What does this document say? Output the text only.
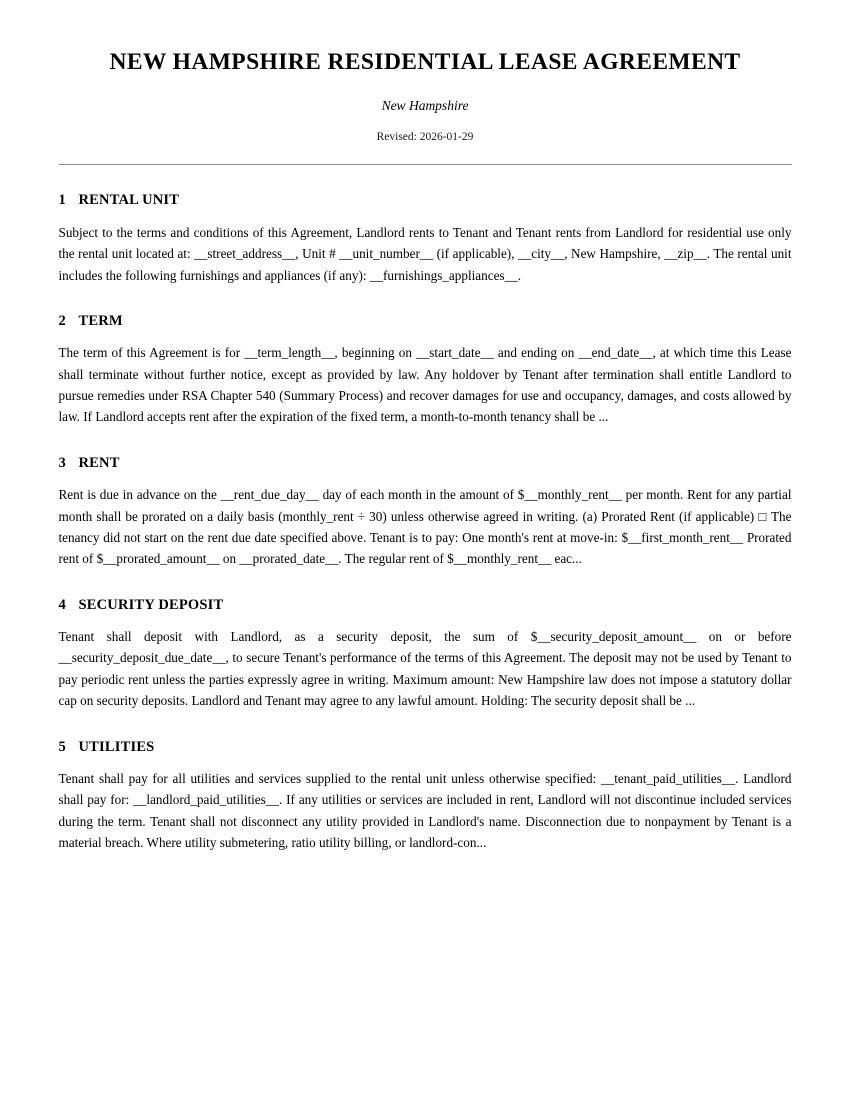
NEW HAMPSHIRE RESIDENTIAL LEASE AGREEMENT
New Hampshire
Revised: 2026-01-29
1 RENTAL UNIT

Subject to the terms and conditions of this Agreement, Landlord rents to Tenant and Tenant rents from Landlord for residential use only the rental unit located at: __street_address__, Unit # __unit_number__ (if applicable), __city__, New Hampshire, __zip__. The rental unit includes the following furnishings and appliances (if any): __furnishings_appliances__.

2 TERM

The term of this Agreement is for __term_length__, beginning on __start_date__ and ending on __end_date__, at which time this Lease shall terminate without further notice, except as provided by law. Any holdover by Tenant after termination shall entitle Landlord to pursue remedies under RSA Chapter 540 (Summary Process) and recover damages for use and occupancy, damages, and costs allowed by law. If Landlord accepts rent after the expiration of the fixed term, a month-to-month tenancy shall be ...

3 RENT

Rent is due in advance on the __rent_due_day__ day of each month in the amount of $__monthly_rent__ per month. Rent for any partial month shall be prorated on a daily basis (monthly_rent ÷ 30) unless otherwise agreed in writing. (a) Prorated Rent (if applicable) □ The tenancy did not start on the rent due date specified above. Tenant is to pay: One month's rent at move-in: $__first_month_rent__ Prorated rent of $__prorated_amount__ on __prorated_date__. The regular rent of $__monthly_rent__ eac...

4 SECURITY DEPOSIT

Tenant shall deposit with Landlord, as a security deposit, the sum of $__security_deposit_amount__ on or before __security_deposit_due_date__, to secure Tenant's performance of the terms of this Agreement. The deposit may not be used by Tenant to pay periodic rent unless the parties expressly agree in writing. Maximum amount: New Hampshire law does not impose a statutory dollar cap on security deposits. Landlord and Tenant may agree to any lawful amount. Holding: The security deposit shall be ...

5 UTILITIES

Tenant shall pay for all utilities and services supplied to the rental unit unless otherwise specified: __tenant_paid_utilities__. Landlord shall pay for: __landlord_paid_utilities__. If any utilities or services are included in rent, Landlord will not discontinue included services during the term. Tenant shall not disconnect any utility provided in Landlord's name. Disconnection due to nonpayment by Tenant is a material breach. Where utility submetering, ratio utility billing, or landlord-con...
